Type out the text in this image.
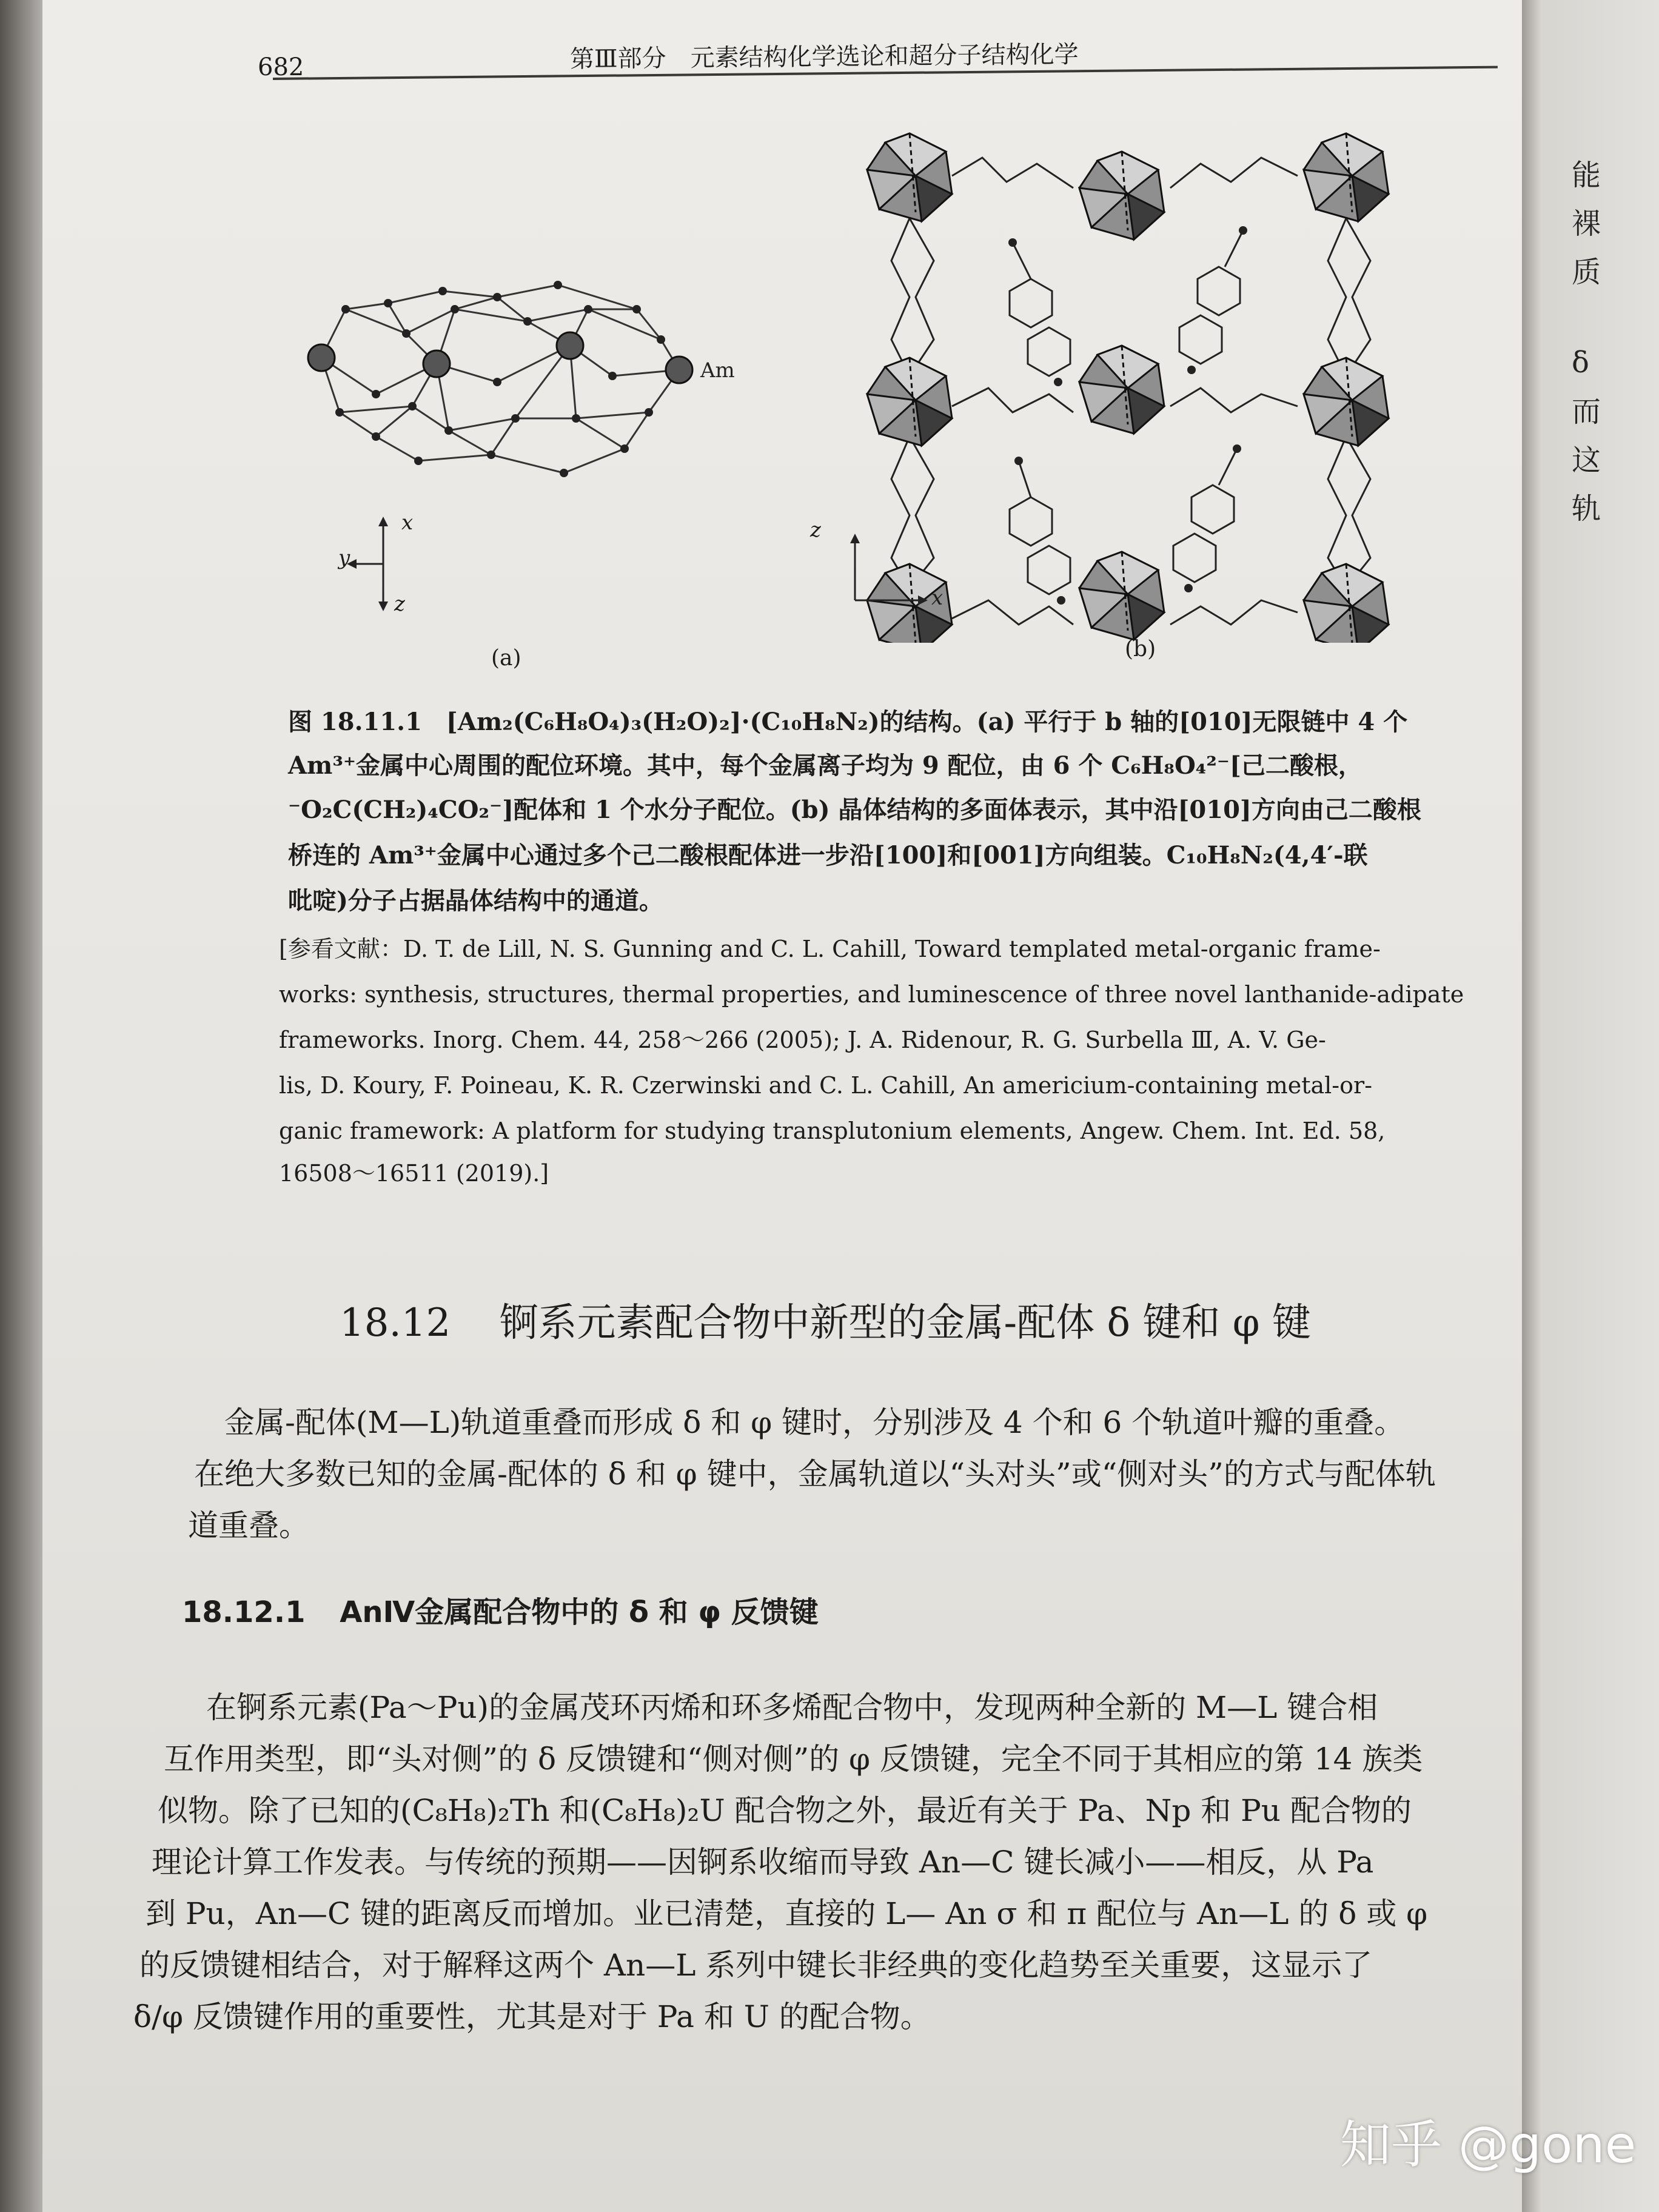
能
裸
质
δ
而
这
轨
682	第Ⅲ部分　元素结构化学选论和超分子结构化学
Am
x
y
z
(a)
z
x
(b)
图 18.11.1　[Am₂(C₆H₈O₄)₃(H₂O)₂]·(C₁₀H₈N₂)的结构。(a) 平行于 b 轴的[010]无限链中 4 个
Am³⁺金属中心周围的配位环境。其中，每个金属离子均为 9 配位，由 6 个 C₆H₈O₄²⁻[己二酸根，
⁻O₂C(CH₂)₄CO₂⁻]配体和 1 个水分子配位。(b) 晶体结构的多面体表示，其中沿[010]方向由己二酸根
桥连的 Am³⁺金属中心通过多个己二酸根配体进一步沿[100]和[001]方向组装。C₁₀H₈N₂(4,4′-联
吡啶)分子占据晶体结构中的通道。
[参看文献：D. T. de Lill, N. S. Gunning and C. L. Cahill, Toward templated metal-organic frame-
works: synthesis, structures, thermal properties, and luminescence of three novel lanthanide-adipate
frameworks. Inorg. Chem. 44, 258～266 (2005); J. A. Ridenour, R. G. Surbella Ⅲ, A. V. Ge-
lis, D. Koury, F. Poineau, K. R. Czerwinski and C. L. Cahill, An americium-containing metal-or-
ganic framework: A platform for studying transplutonium elements, Angew. Chem. Int. Ed. 58,
16508～16511 (2019).]
18.12 锕系元素配合物中新型的金属-配体 δ 键和 φ 键
金属-配体(M—L)轨道重叠而形成 δ 和 φ 键时，分别涉及 4 个和 6 个轨道叶瓣的重叠。
在绝大多数已知的金属-配体的 δ 和 φ 键中，金属轨道以“头对头”或“侧对头”的方式与配体轨
道重叠。
18.12.1 AnⅣ金属配合物中的 δ 和 φ 反馈键
在锕系元素(Pa～Pu)的金属茂环丙烯和环多烯配合物中，发现两种全新的 M—L 键合相
互作用类型，即“头对侧”的 δ 反馈键和“侧对侧”的 φ 反馈键，完全不同于其相应的第 14 族类
似物。除了已知的(C₈H₈)₂Th 和(C₈H₈)₂U 配合物之外，最近有关于 Pa、Np 和 Pu 配合物的
理论计算工作发表。与传统的预期——因锕系收缩而导致 An—C 键长减小——相反，从 Pa
到 Pu，An—C 键的距离反而增加。业已清楚，直接的 L— An σ 和 π 配位与 An—L 的 δ 或 φ
的反馈键相结合，对于解释这两个 An—L 系列中键长非经典的变化趋势至关重要，这显示了
δ/φ 反馈键作用的重要性，尤其是对于 Pa 和 U 的配合物。
知乎 @gone
